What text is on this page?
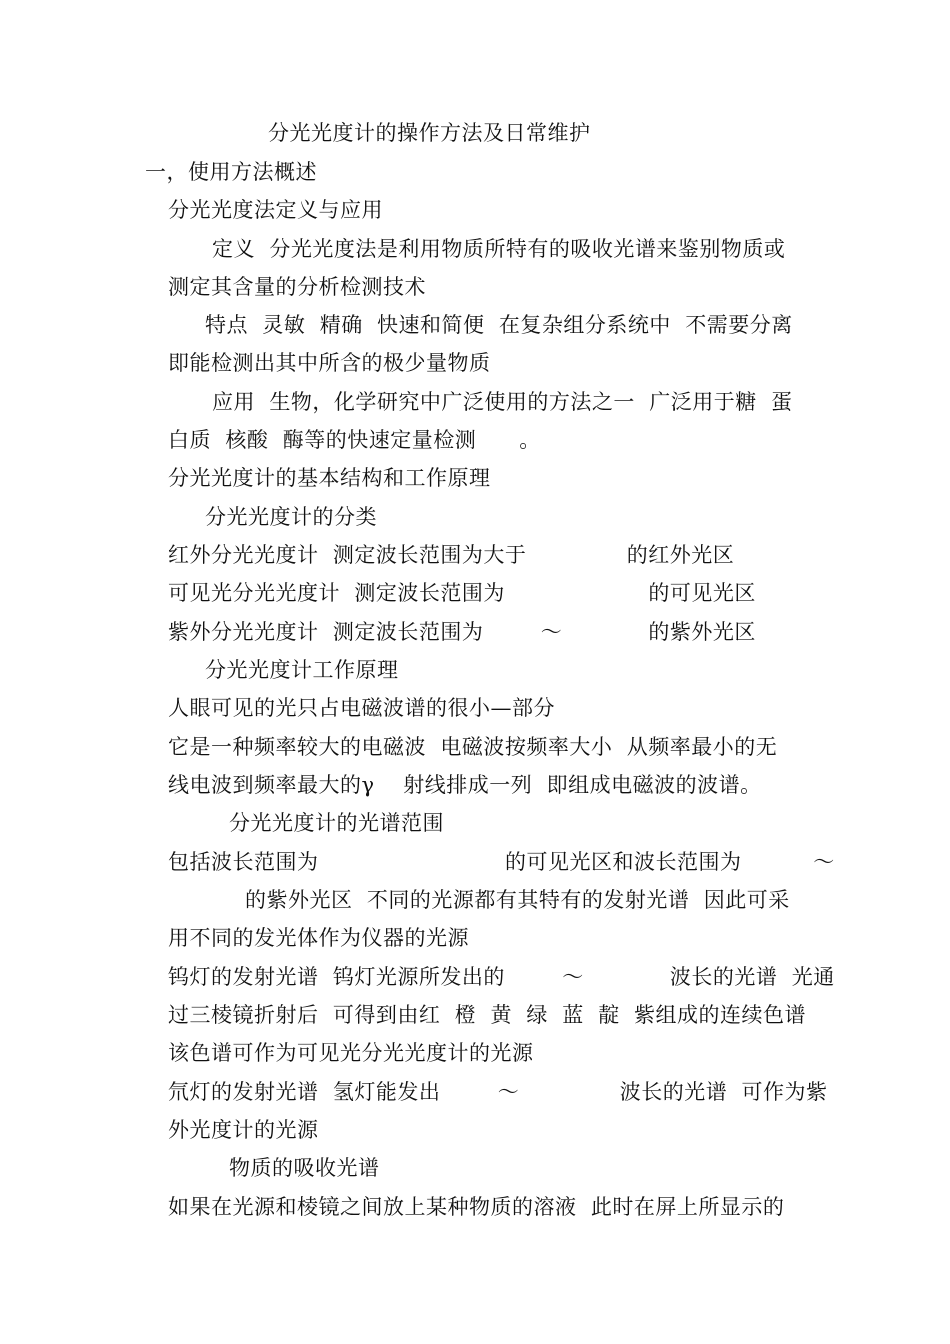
分光光度计的操作方法及日常维护
一，使用方法概述
分光光度法定义与应用
定义  分光光度法是利用物质所特有的吸收光谱来鉴别物质或
测定其含量的分析检测技术
特点  灵敏  精确  快速和简便  在复杂组分系统中  不需要分离
即能检测出其中所含的极少量物质
应用  生物，化学研究中广泛使用的方法之一  广泛用于糖  蛋
白质  核酸  酶等的快速定量检测      。
分光光度计的基本结构和工作原理
分光光度计的分类
红外分光光度计  测定波长范围为大于              的红外光区
可见光分光光度计  测定波长范围为                    的可见光区
紫外分光光度计  测定波长范围为        ～            的紫外光区
分光光度计工作原理
人眼可见的光只占电磁波谱的很小—部分
它是一种频率较大的电磁波  电磁波按频率大小  从频率最小的无
线电波到频率最大的γ    射线排成一列  即组成电磁波的波谱。
分光光度计的光谱范围
包括波长范围为                          的可见光区和波长范围为          ～
的紫外光区  不同的光源都有其特有的发射光谱  因此可采
用不同的发光体作为仪器的光源
钨灯的发射光谱  钨灯光源所发出的        ～            波长的光谱  光通
过三棱镜折射后  可得到由红  橙  黄  绿  蓝  靛  紫组成的连续色谱
该色谱可作为可见光分光光度计的光源
氘灯的发射光谱  氢灯能发出        ～              波长的光谱  可作为紫
外光度计的光源
物质的吸收光谱
如果在光源和棱镜之间放上某种物质的溶液  此时在屏上所显示的
